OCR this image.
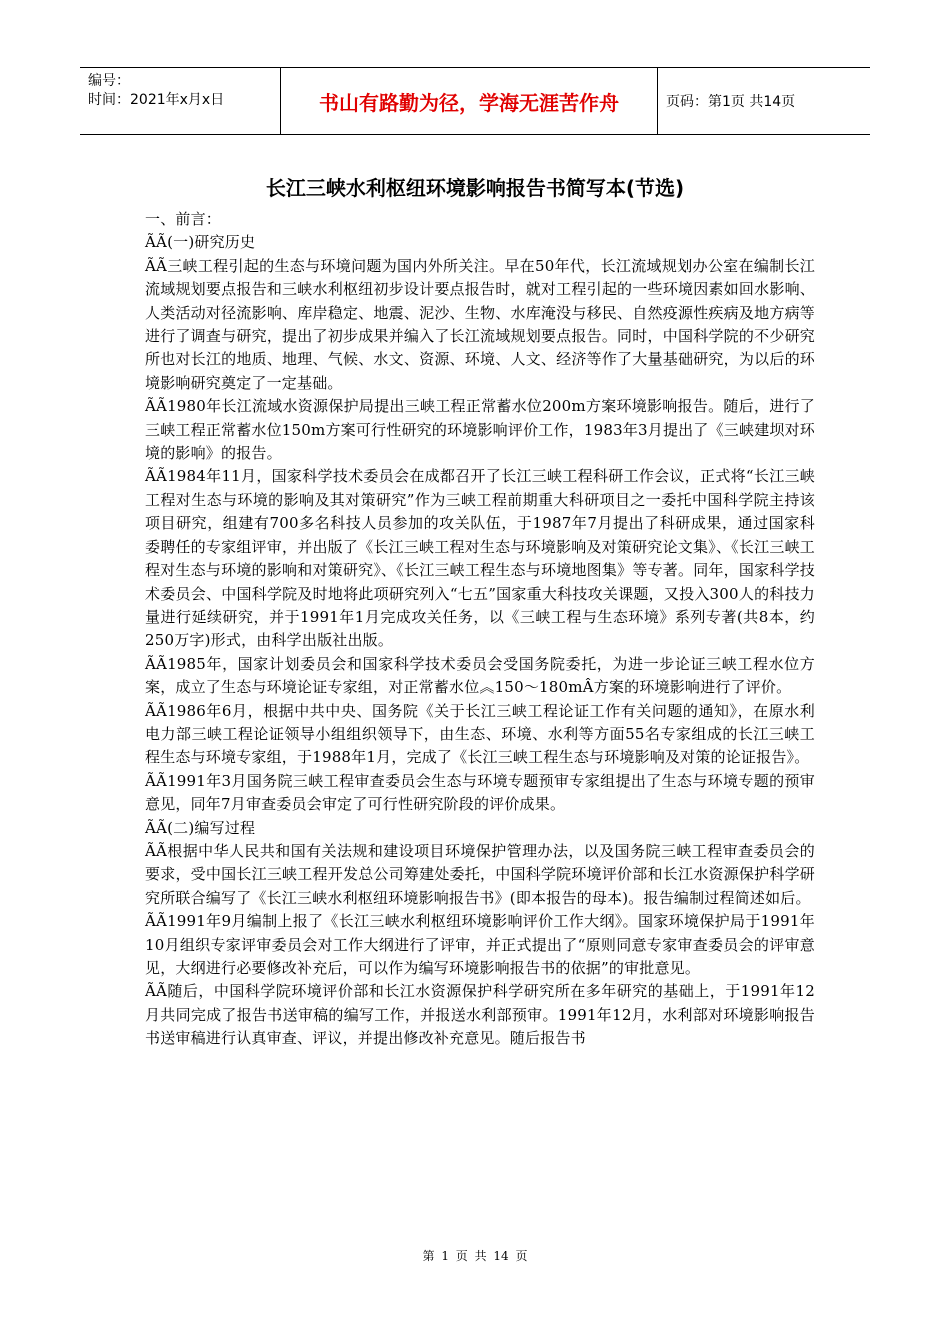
编号：
时间：2021年x月x日	书山有路勤为径，学海无涯苦作舟	页码：第1页 共14页
长江三峡水利枢纽环境影响报告书简写本(节选)

一、前言：

ÃÃ(一)研究历史

ÃÃ三峡工程引起的生态与环境问题为国内外所关注。早在50年代，长江流域规划办公室在编制长江流域规划要点报告和三峡水利枢纽初步设计要点报告时，就对工程引起的一些环境因素如回水影响、人类活动对径流影响、库岸稳定、地震、泥沙、生物、水库淹没与移民、自然疫源性疾病及地方病等进行了调查与研究，提出了初步成果并编入了长江流域规划要点报告。同时，中国科学院的不少研究所也对长江的地质、地理、气候、水文、资源、环境、人文、经济等作了大量基础研究，为以后的环境影响研究奠定了一定基础。

ÃÃ1980年长江流域水资源保护局提出三峡工程正常蓄水位200m方案环境影响报告。随后，进行了三峡工程正常蓄水位150m方案可行性研究的环境影响评价工作，1983年3月提出了《三峡建坝对环境的影响》的报告。

ÃÃ1984年11月，国家科学技术委员会在成都召开了长江三峡工程科研工作会议，正式将“长江三峡工程对生态与环境的影响及其对策研究”作为三峡工程前期重大科研项目之一委托中国科学院主持该项目研究，组建有700多名科技人员参加的攻关队伍，于1987年7月提出了科研成果，通过国家科委聘任的专家组评审，并出版了《长江三峡工程对生态与环境影响及对策研究论文集》、《长江三峡工程对生态与环境的影响和对策研究》、《长江三峡工程生态与环境地图集》等专著。同年，国家科学技术委员会、中国科学院及时地将此项研究列入“七五”国家重大科技攻关课题，又投入300人的科技力量进行延续研究，并于1991年1月完成攻关任务，以《三峡工程与生态环境》系列专著(共8本，约250万字)形式，由科学出版社出版。

ÃÃ1985年，国家计划委员会和国家科学技术委员会受国务院委托，为进一步论证三峡工程水位方案，成立了生态与环境论证专家组，对正常蓄水位︽150～180mÂ方案的环境影响进行了评价。

ÃÃ1986年6月，根据中共中央、国务院《关于长江三峡工程论证工作有关问题的通知》，在原水利电力部三峡工程论证领导小组组织领导下，由生态、环境、水利等方面55名专家组成的长江三峡工程生态与环境专家组，于1988年1月，完成了《长江三峡工程生态与环境影响及对策的论证报告》。

ÃÃ1991年3月国务院三峡工程审查委员会生态与环境专题预审专家组提出了生态与环境专题的预审意见，同年7月审查委员会审定了可行性研究阶段的评价成果。

ÃÃ(二)编写过程

ÃÃ根据中华人民共和国有关法规和建设项目环境保护管理办法，以及国务院三峡工程审查委员会的要求，受中国长江三峡工程开发总公司筹建处委托，中国科学院环境评价部和长江水资源保护科学研究所联合编写了《长江三峡水利枢纽环境影响报告书》(即本报告的母本)。报告编制过程简述如后。

ÃÃ1991年9月编制上报了《长江三峡水利枢纽环境影响评价工作大纲》。国家环境保护局于1991年10月组织专家评审委员会对工作大纲进行了评审，并正式提出了“原则同意专家审查委员会的评审意见，大纲进行必要修改补充后，可以作为编写环境影响报告书的依据”的审批意见。

ÃÃ随后，中国科学院环境评价部和长江水资源保护科学研究所在多年研究的基础上，于1991年12月共同完成了报告书送审稿的编写工作，并报送水利部预审。1991年12月，水利部对环境影响报告书送审稿进行认真审查、评议，并提出修改补充意见。随后报告书

第 1 页 共 14 页
